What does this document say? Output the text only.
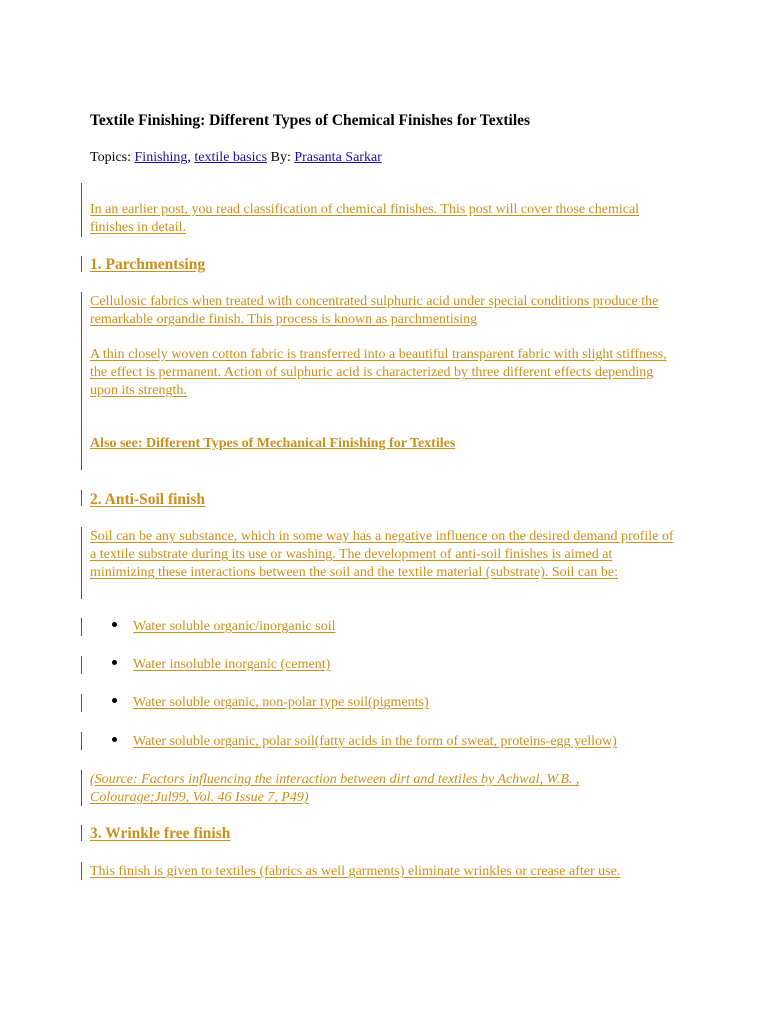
Textile Finishing: Different Types of Chemical Finishes for Textiles
Topics: Finishing, textile basics By: Prasanta Sarkar
In an earlier post, you read classification of chemical finishes. This post will cover those chemical finishes in detail.
1. Parchmentsing
Cellulosic fabrics when treated with concentrated sulphuric acid under special conditions produce the remarkable organdie finish. This process is known as parchmentising
A thin closely woven cotton fabric is transferred into a beautiful transparent fabric with slight stiffness, the effect is permanent. Action of sulphuric acid is characterized by three different effects depending upon its strength.
Also see: Different Types of Mechanical Finishing for Textiles
2. Anti-Soil finish
Soil can be any substance, which in some way has a negative influence on the desired demand profile of a textile substrate during its use or washing. The development of anti-soil finishes is aimed at minimizing these interactions between the soil and the textile material (substrate). Soil can be:
Water soluble organic/inorganic soil
Water insoluble inorganic (cement)
Water soluble organic, non-polar type soil(pigments)
Water soluble organic, polar soil(fatty acids in the form of sweat, proteins-egg yellow)
(Source: Factors influencing the interaction between dirt and textiles by Achwal, W.B. , Colourage;Jul99, Vol. 46 Issue 7, P49)
3. Wrinkle free finish
This finish is given to textiles (fabrics as well garments) eliminate wrinkles or crease after use.
